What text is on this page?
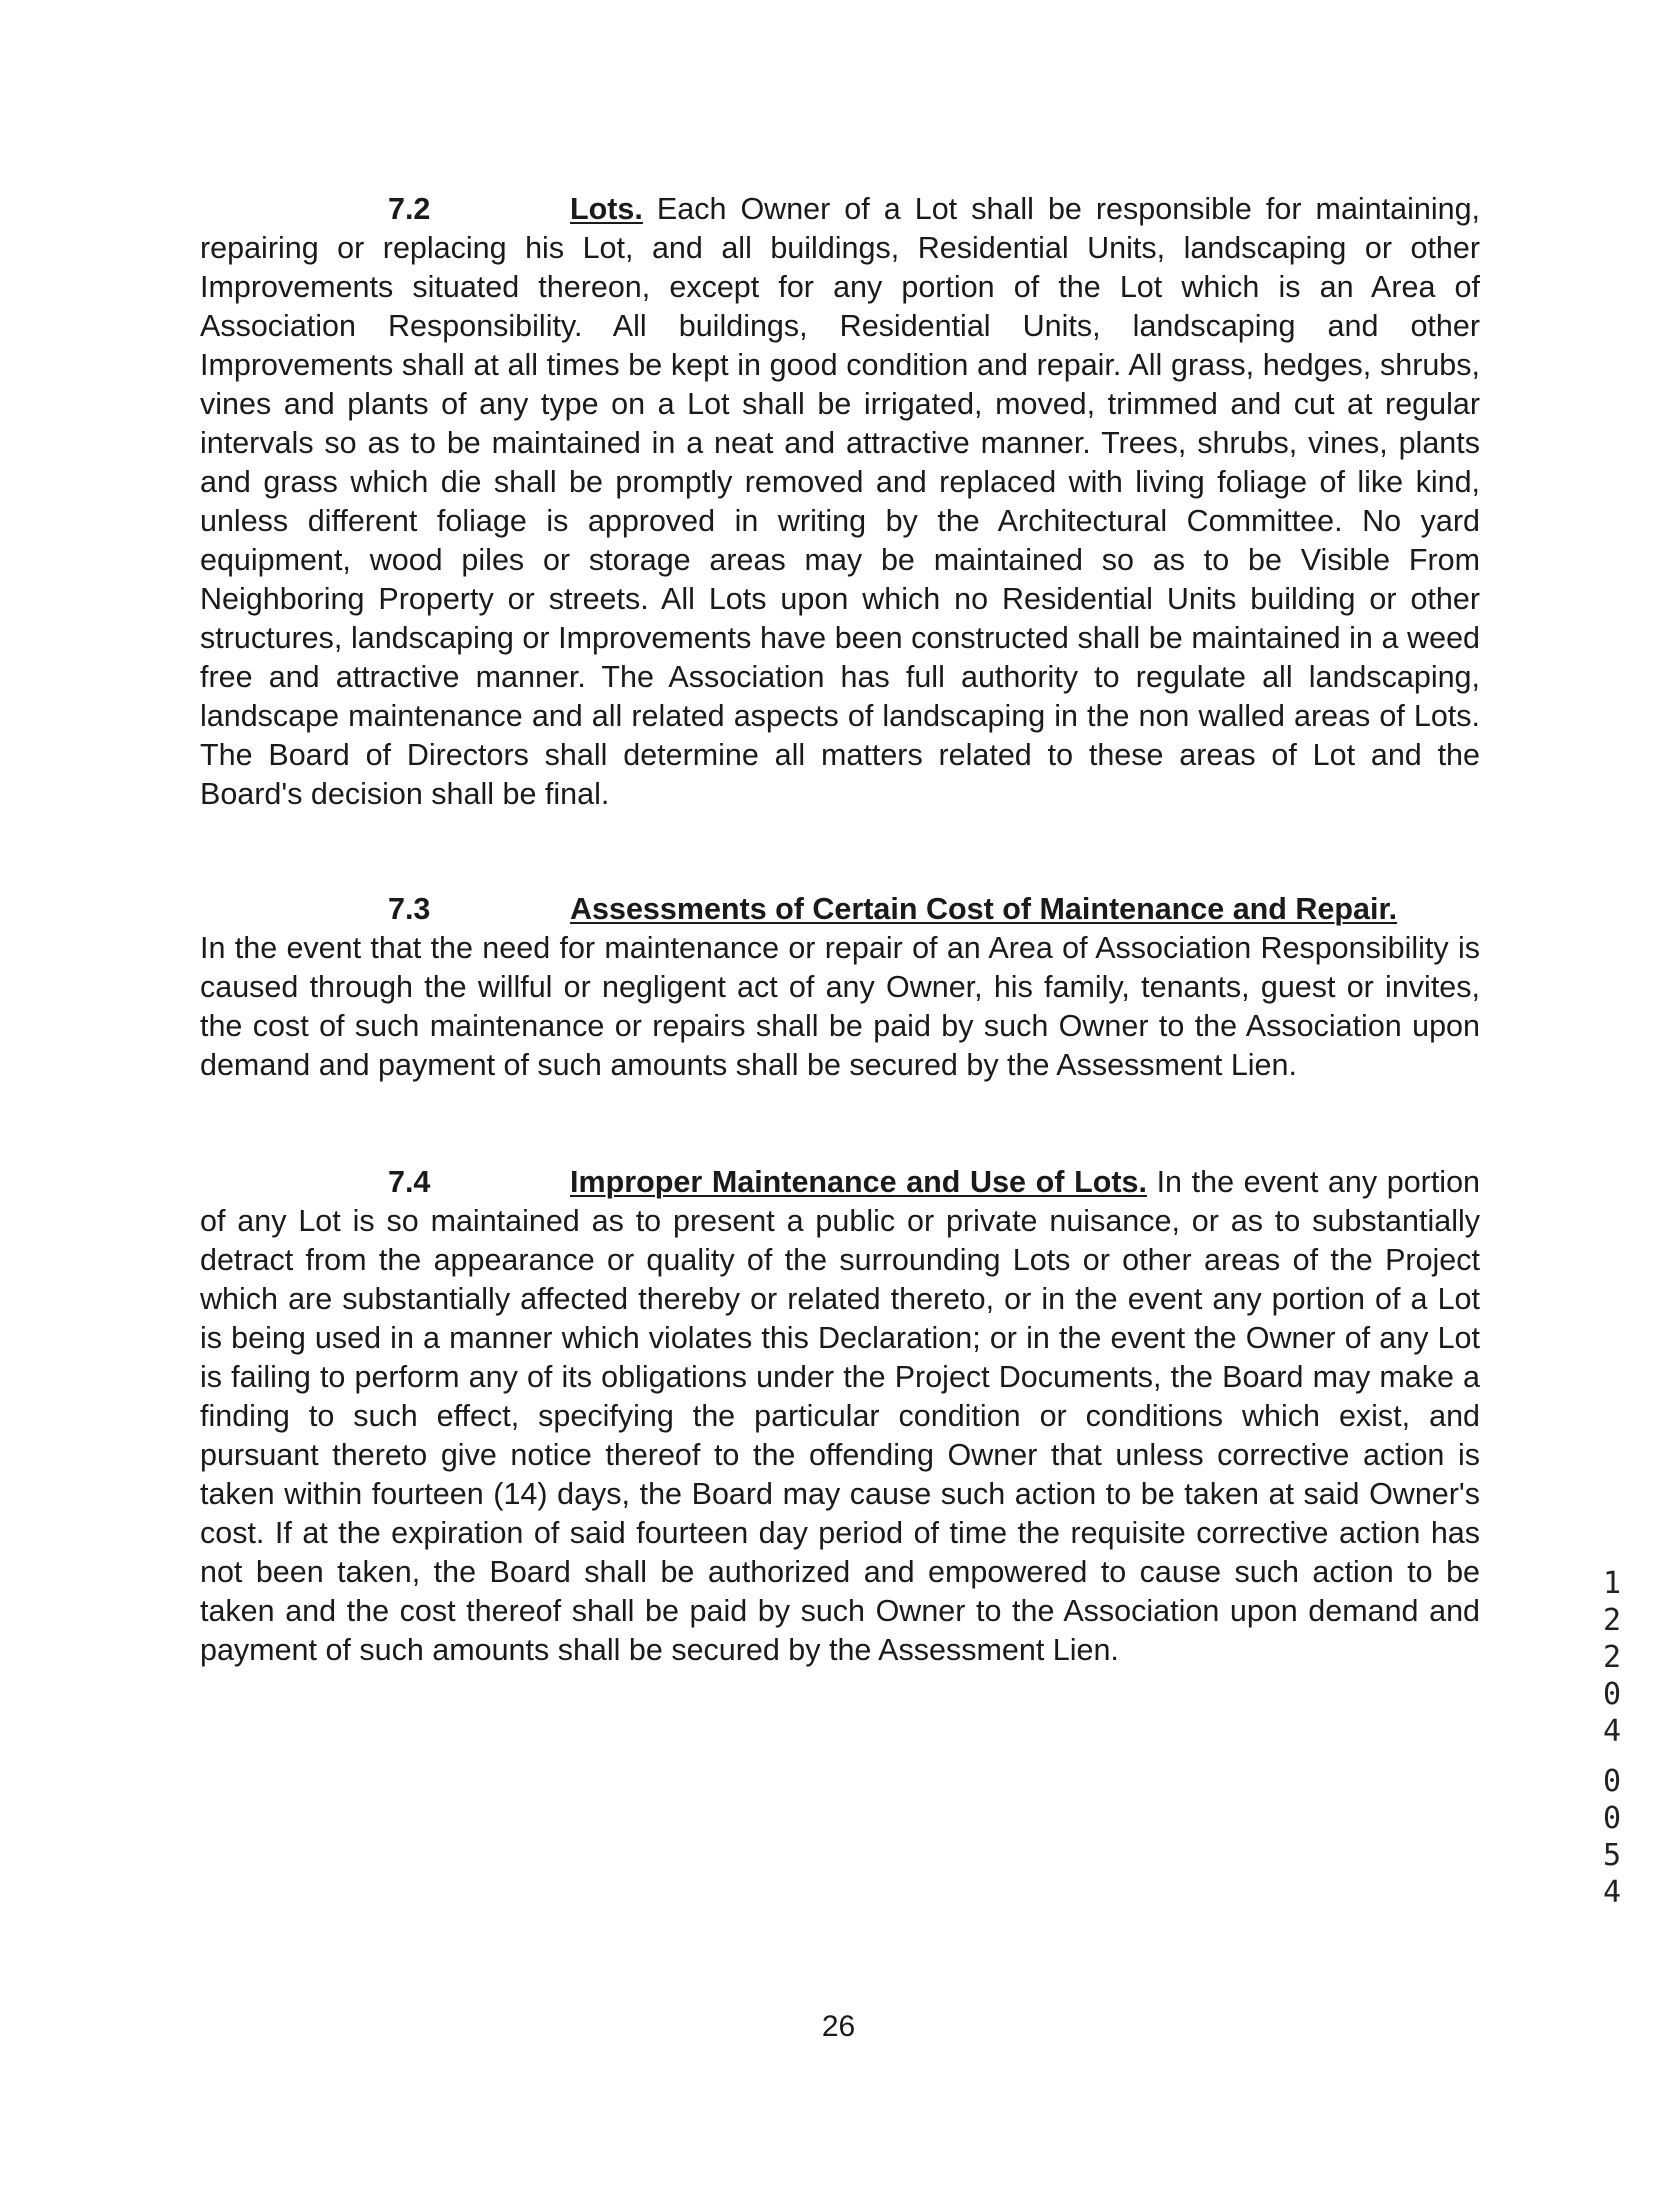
7.2	Lots. Each Owner of a Lot shall be responsible for maintaining, repairing or replacing his Lot, and all buildings, Residential Units, landscaping or other Improvements situated thereon, except for any portion of the Lot which is an Area of Association Responsibility. All buildings, Residential Units, landscaping and other Improvements shall at all times be kept in good condition and repair. All grass, hedges, shrubs, vines and plants of any type on a Lot shall be irrigated, moved, trimmed and cut at regular intervals so as to be maintained in a neat and attractive manner. Trees, shrubs, vines, plants and grass which die shall be promptly removed and replaced with living foliage of like kind, unless different foliage is approved in writing by the Architectural Committee. No yard equipment, wood piles or storage areas may be maintained so as to be Visible From Neighboring Property or streets. All Lots upon which no Residential Units building or other structures, landscaping or Improvements have been constructed shall be maintained in a weed free and attractive manner. The Association has full authority to regulate all landscaping, landscape maintenance and all related aspects of landscaping in the non walled areas of Lots. The Board of Directors shall determine all matters related to these areas of Lot and the Board's decision shall be final.

7.3	Assessments of Certain Cost of Maintenance and Repair.
In the event that the need for maintenance or repair of an Area of Association Responsibility is caused through the willful or negligent act of any Owner, his family, tenants, guest or invites, the cost of such maintenance or repairs shall be paid by such Owner to the Association upon demand and payment of such amounts shall be secured by the Assessment Lien.

7.4	Improper Maintenance and Use of Lots. In the event any portion of any Lot is so maintained as to present a public or private nuisance, or as to substantially detract from the appearance or quality of the surrounding Lots or other areas of the Project which are substantially affected thereby or related thereto, or in the event any portion of a Lot is being used in a manner which violates this Declaration; or in the event the Owner of any Lot is failing to perform any of its obligations under the Project Documents, the Board may make a finding to such effect, specifying the particular condition or conditions which exist, and pursuant thereto give notice thereof to the offending Owner that unless corrective action is taken within fourteen (14) days, the Board may cause such action to be taken at said Owner's cost. If at the expiration of said fourteen day period of time the requisite corrective action has not been taken, the Board shall be authorized and empowered to cause such action to be taken and the cost thereof shall be paid by such Owner to the Association upon demand and payment of such amounts shall be secured by the Assessment Lien.

1
2
2
0
4
0
0
5
4
26
